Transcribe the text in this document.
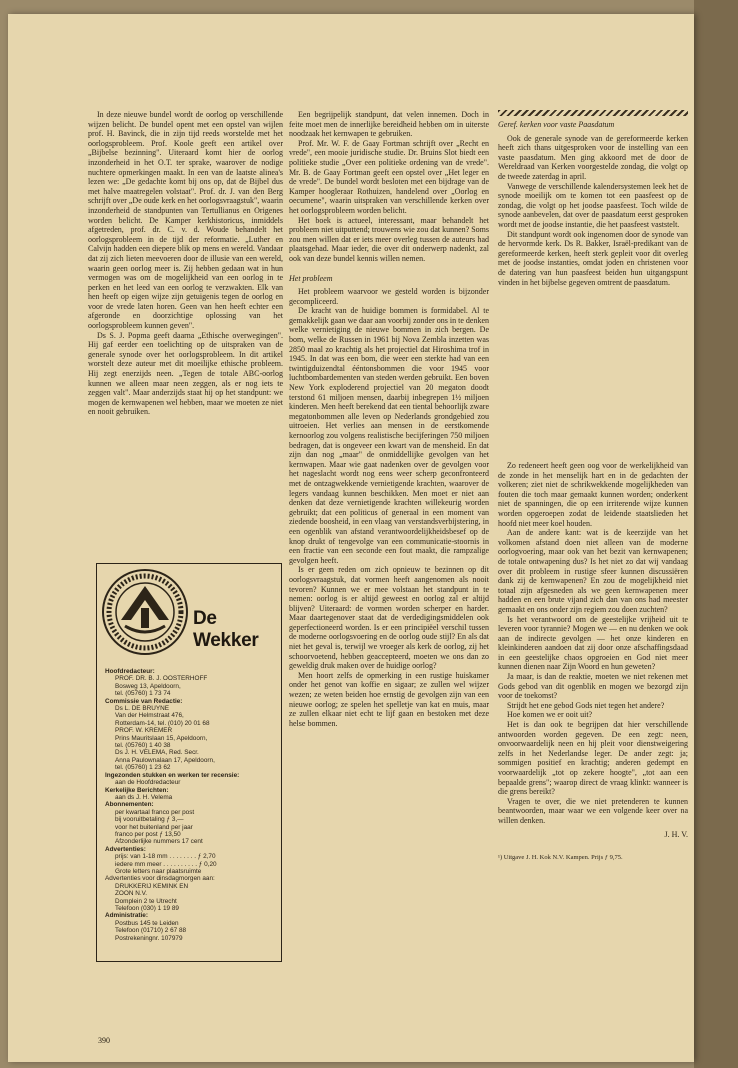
In deze nieuwe bundel wordt de oorlog op verschillende wijzen belicht. De bundel opent met een opstel van wijlen prof. H. Bavinck, die in zijn tijd reeds worstelde met het oorlogsprobleem. Prof. Koole geeft een artikel over „Bijbelse bezinning". Uiteraard komt hier de oorlog inzonderheid in het O.T. ter sprake, waarover de nodige nuchtere opmerkingen maakt. In een van de laatste alinea's lezen we: „De gedachte komt bij ons op, dat de Bijbel dus met halve maatregelen volstaat". Prof. dr. J. van den Berg schrijft over „De oude kerk en het oorlogsvraagstuk", waarin inzonderheid de standpunten van Tertullianus en Origenes worden belicht. De Kamper kerkhistoricus, inmiddels afgetreden, prof. dr. C. v. d. Woude behandelt het oorlogsprobleem in de tijd der reformatie. „Luther en Calvijn hadden een diepere blik op mens en wereld. Vandaar dat zij zich lieten meevoeren door de illusie van een wereld, waarin geen oorlog meer is. Zij hebben gedaan wat in hun vermogen was om de mogelijkheid van een oorlog in te perken en het leed van een oorlog te verzwakten. Elk van hen heeft op eigen wijze zijn getuigenis tegen de oorlog en voor de vrede laten horen. Geen van hen heeft echter een afgeronde en doorzichtige oplossing van het oorlogsprobleem kunnen geven".

Ds S. J. Popma geeft daarna „Ethische overwegingen". Hij gaf eerder een toelichting op de uitspraken van de generale synode over het oorlogsprobleem. In dit artikel worstelt deze auteur met dit moeilijke ethische probleem. Hij zegt enerzijds neen. „Tegen de totale ABC-oorlog kunnen we alleen maar neen zeggen, als er nog iets te zeggen valt". Maar anderzijds staat hij op het standpunt: we mogen de kernwapenen wel hebben, maar we moeten ze niet en nooit gebruiken.

Een begrijpelijk standpunt, dat velen innemen. Doch in feite moet men de innerlijke bereidheid hebben om in uiterste noodzaak het kernwapen te gebruiken.

Prof. Mr. W. F. de Gaay Fortman schrijft over „Recht en vrede", een mooie juridische studie. Dr. Bruins Slot biedt een politieke studie „Over een politieke ordening van de vrede". Mr. B. de Gaay Fortman geeft een opstel over „Het leger en de vrede". De bundel wordt besloten met een bijdrage van de Kamper hoogleraar Rothuizen, handelend over „Oorlog en oecumene", waarin uitspraken van verschillende kerken over het oorlogsprobleem worden belicht.

Het boek is actueel, interessant, maar behandelt het probleem niet uitputtend; trouwens wie zou dat kunnen? Soms zou men willen dat er iets meer overleg tussen de auteurs had plaatsgehad. Maar ieder, die over dit onderwerp nadenkt, zal ook van deze bundel kennis willen nemen.

Het probleem

Het probleem waarvoor we gesteld worden is bijzonder gecompliceerd.

De kracht van de huidige bommen is formidabel. Al te gemakkelijk gaan we daar aan voorbij zonder ons in te denken welke vernietiging de nieuwe bommen in zich bergen. De bom, welke de Russen in 1961 bij Nova Zembla inzetten was 2850 maal zo krachtig als het projectiel dat Hiroshima trof in 1945. In dat was een bom, die weer een sterkte had van een twintigduizendtal ééntonsbommen die voor 1945 voor luchtbombardementen van steden werden gebruikt. Een boven New York exploderend projectiel van 20 megaton doodt terstond 61 miljoen mensen, daarbij inbegrepen 1½ miljoen kinderen. Men heeft berekend dat een tiental behoorlijk zware megatonbommen alle leven op Nederlands grondgebied zou uitroeien. Het verlies aan mensen in de eerstkomende kernoorlog zou volgens realistische becijferingen 750 miljoen bedragen, dat is ongeveer een kwart van de mensheid. En dat zijn dan nog „maar" de onmiddellijke gevolgen van het kernwapen. Maar wie gaat nadenken over de gevolgen voor het nageslacht wordt nog eens weer scherp geconfronteerd met de ontzagwekkende vernietigende krachten, waarover de legers vandaag kunnen beschikken. Men moet er niet aan denken dat deze vernietigende krachten willekeurig worden gebruikt; dat een politicus of generaal in een moment van ziedende boosheid, in een vlaag van verstandsverbijstering, in een ogenblik van afstand verantwoordelijkheidsbesef op de knop drukt of tengevolge van een communicatie-stoornis in een fractie van een seconde een fout maakt, die rampzalige gevolgen heeft.

Is er geen reden om zich opnieuw te bezinnen op dit oorlogsvraagstuk, dat vormen heeft aangenomen als nooit tevoren? Kunnen we er mee volstaan het standpunt in te nemen: oorlog is er altijd geweest en oorlog zal er altijd blijven? Uiteraard: de vormen worden scherper en harder. Maar daartegenover staat dat de verdedigingsmiddelen ook geperfectioneerd worden. Is er een principiëel verschil tussen de moderne oorlogsvoering en de oorlog oude stijl? En als dat niet het geval is, terwijl we vroeger als kerk de oorlog, zij het schoorvoetend, hebben geaccepteerd, moeten we ons dan zo geweldig druk maken over de huidige oorlog?

Men hoort zelfs de opmerking in een rustige huiskamer onder het genot van koffie en sigaar; ze zullen wel wijzer wezen; ze weten beiden hoe ernstig de gevolgen zijn van een nieuwe oorlog; ze spelen het spelletje van kat en muis, maar ze zullen elkaar niet echt te lijf gaan en bestoken met deze helse bommen.

Geref. kerken voor vaste Paasdatum

Ook de generale synode van de gereformeerde kerken heeft zich thans uitgesproken voor de instelling van een vaste paasdatum. Men ging akkoord met de door de Wereldraad van Kerken voorgestelde zondag, die volgt op de tweede zaterdag in april.

Vanwege de verschillende kalendersystemen leek het de synode moeilijk om te komen tot een paasfeest op de zondag, die volgt op het joodse paasfeest. Toch wilde de synode aanbevelen, dat over de paasdatum eerst gesproken wordt met de joodse instantie, die het paasfeest vaststelt.

Dit standpunt wordt ook ingenomen door de synode van de hervormde kerk. Ds R. Bakker, Israël-predikant van de gereformeerde kerken, heeft sterk gepleit voor dit overleg met de joodse instanties, omdat joden en christenen voor de datering van hun paasfeest beiden hun uitgangspunt vinden in het bijbelse gegeven omtrent de paasdatum.

Zo redeneert heeft geen oog voor de werkelijkheid van de zonde in het menselijk hart en in de gedachten der volkeren; ziet niet de schrikwekkende mogelijkheden van fouten die toch maar gemaakt kunnen worden; onderkent niet de spanningen, die op een irriterende wijze kunnen worden opgeroepen zodat de leidende staatslieden het hoofd niet meer koel houden.

Aan de andere kant: wat is de keerzijde van het volkomen afstand doen niet alleen van de moderne oorlogvoering, maar ook van het bezit van kernwapenen; de totale ontwapening dus? Is het niet zo dat wij vandaag over dit probleem in rustige sfeer kunnen discussiëren dank zij de kernwapenen? En zou de mogelijkheid niet totaal zijn afgesneden als we geen kernwapenen meer hadden en een brute vijand zich dan van ons had meester gemaakt en ons onder zijn regiem zou doen zuchten?

Is het verantwoord om de geestelijke vrijheid uit te leveren voor tyrannie? Mogen we — en nu denken we ook aan de indirecte gevolgen — het onze kinderen en kleinkinderen aandoen dat zij door onze afschaffingsdaad in een geestelijke chaos opgroeien en God niet meer kunnen dienen naar Zijn Woord en hun geweten?

Ja maar, is dan de reaktie, moeten we niet rekenen met Gods gebod van dit ogenblik en mogen we bezorgd zijn voor de toekomst?

Strijdt het ene gebod Gods niet tegen het andere?

Hoe komen we er ooit uit?

Het is dan ook te begrijpen dat hier verschillende antwoorden worden gegeven. De een zegt: neen, onvoorwaardelijk neen en hij pleit voor dienstweigering zelfs in het Nederlandse leger. De ander zegt: ja; sommigen positief en krachtig; anderen gedempt en voorwaardelijk „tot op zekere hoogte", „tot aan een bepaalde grens"; waarop direct de vraag klinkt: wanneer is die grens bereikt?

Vragen te over, die we niet pretenderen te kunnen beantwoorden, maar waar we een volgende keer over na willen denken.

J. H. V.

¹) Uitgave J. H. Kok N.V. Kampen. Prijs ƒ 9,75.

De Wekker
Hoofdredacteur:
PROF. DR. B. J. OOSTERHOFF
Bosweg 13, Apeldoorn,
tel. (05760) 1 73 74
Commissie van Redactie:
Ds L. DE BRUYNE
Van der Helmstraat 476,
Rotterdam-14, tel. (010) 20 01 68
PROF. W. KREMER
Prins Mauritslaan 15, Apeldoorn,
tel. (05760) 1 40 38
Ds J. H. VELEMA, Red. Secr.
Anna Paulownalaan 17, Apeldoorn,
tel. (05760) 1 23 62
Ingezonden stukken en werken ter recensie:
aan de Hoofdredacteur
Kerkelijke Berichten:
aan ds J. H. Velema
Abonnementen:
per kwartaal franco per post
bij vooruitbetaling ƒ 3,—
voor het buitenland per jaar
franco per post ƒ 13,50
Afzonderlijke nummers 17 cent
Advertenties:
prijs: van 1-18 mm . . . . . . . . ƒ 2,70
iedere mm meer . . . . . . . . . . ƒ 0,20
Grote letters naar plaatsruimte
Advertenties voor dinsdagmorgen aan:
DRUKKERIJ KEMINK EN
ZOON N.V.
Domplein 2 te Utrecht
Telefoon (030) 1 19 89
Administratie:
Postbus 145 te Leiden
Telefoon (01710) 2 67 88
Postrekeningnr. 107979
390
